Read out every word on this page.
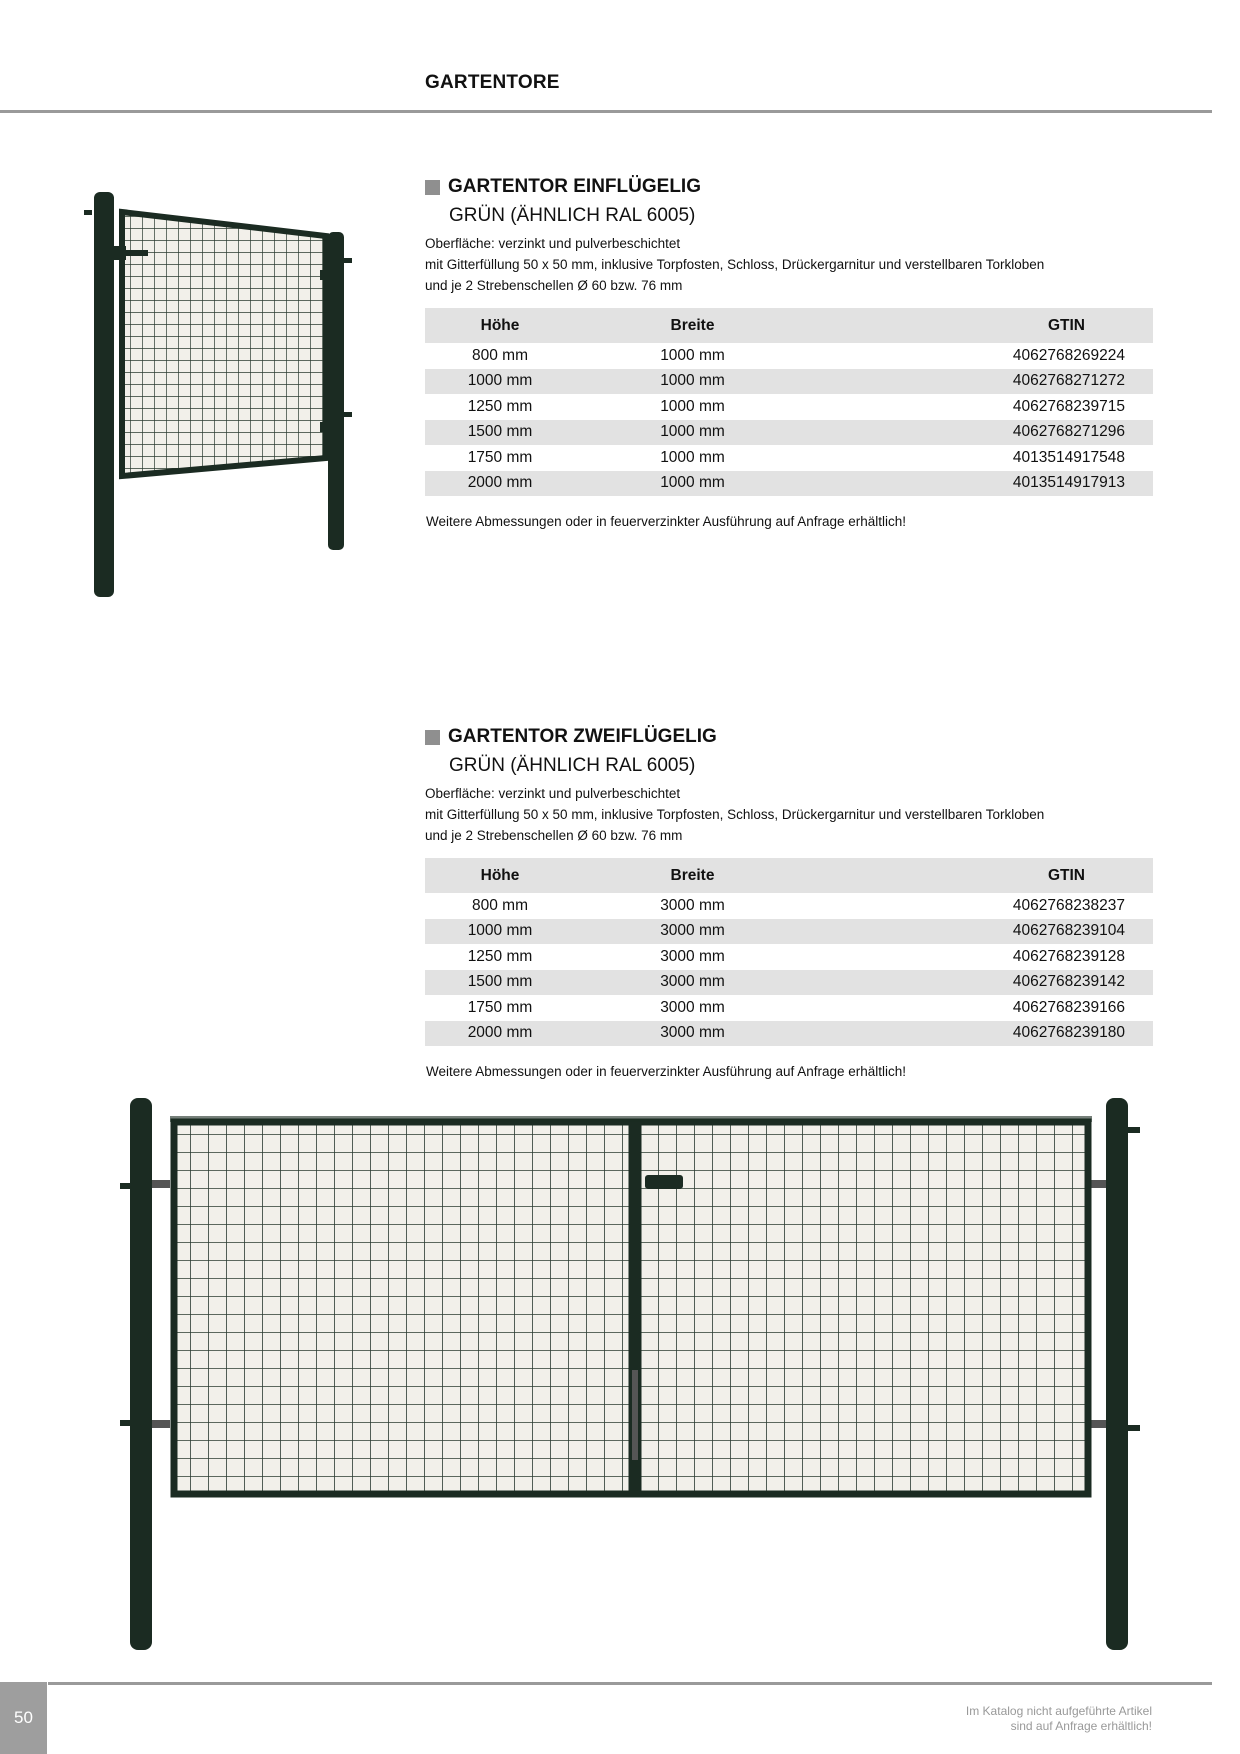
GARTENTORE
GARTENTOR EINFLÜGELIG
GRÜN (ÄHNLICH RAL 6005)
Oberfläche: verzinkt und pulverbeschichtet
mit Gitterfüllung 50 x 50 mm, inklusive Torpfosten, Schloss, Drückergarnitur und verstellbaren Torkloben
und je 2 Strebenschellen Ø 60 bzw. 76 mm
Höhe	Breite	GTIN
800 mm	1000 mm	4062768269224
1000 mm	1000 mm	4062768271272
1250 mm	1000 mm	4062768239715
1500 mm	1000 mm	4062768271296
1750 mm	1000 mm	4013514917548
2000 mm	1000 mm	4013514917913
Weitere Abmessungen oder in feuerverzinkter Ausführung auf Anfrage erhältlich!
GARTENTOR ZWEIFLÜGELIG
GRÜN (ÄHNLICH RAL 6005)
Oberfläche: verzinkt und pulverbeschichtet
mit Gitterfüllung 50 x 50 mm, inklusive Torpfosten, Schloss, Drückergarnitur und verstellbaren Torkloben
und je 2 Strebenschellen Ø 60 bzw. 76 mm
Höhe	Breite	GTIN
800 mm	3000 mm	4062768238237
1000 mm	3000 mm	4062768239104
1250 mm	3000 mm	4062768239128
1500 mm	3000 mm	4062768239142
1750 mm	3000 mm	4062768239166
2000 mm	3000 mm	4062768239180
Weitere Abmessungen oder in feuerverzinkter Ausführung auf Anfrage erhältlich!
50	Im Katalog nicht aufgeführte Artikel
sind auf Anfrage erhältlich!
